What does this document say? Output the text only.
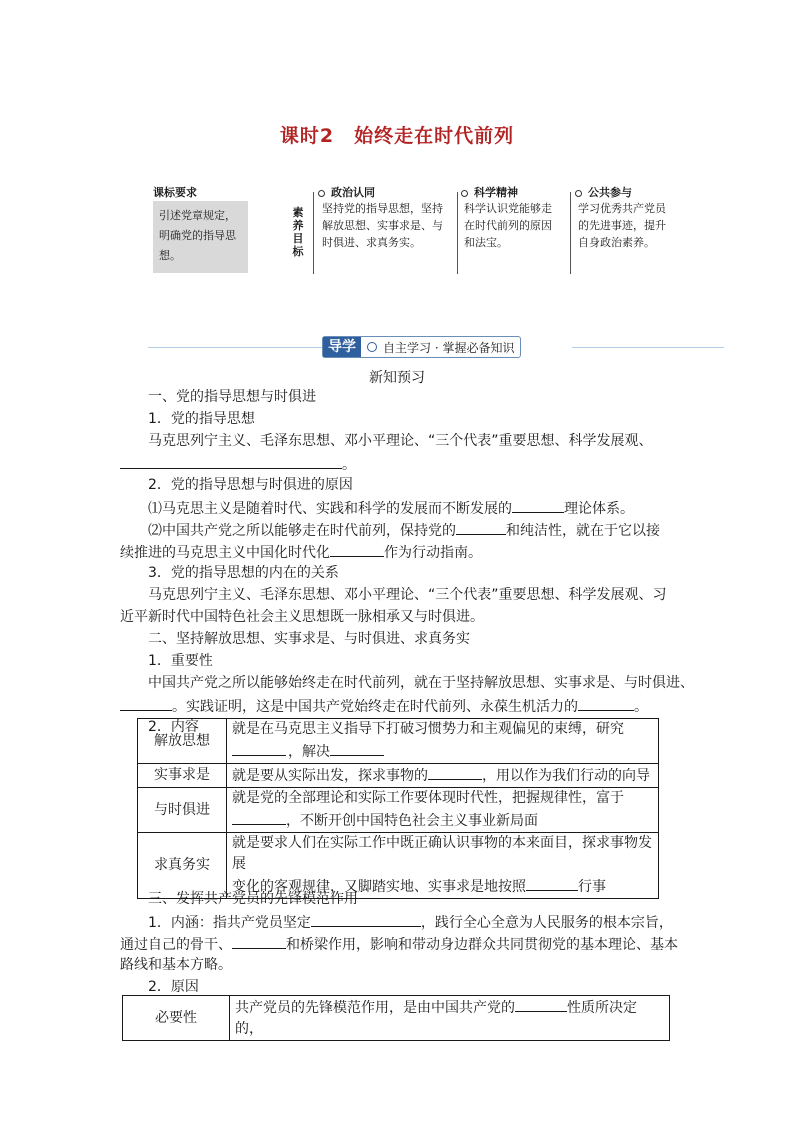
课时2　始终走在时代前列
课标要求
引述党章规定，明确党的指导思想。
素养目标
政治认同
坚持党的指导思想，坚持
解放思想、实事求是、与
时俱进、求真务实。
科学精神
科学认识党能够走
在时代前列的原因
和法宝。
公共参与
学习优秀共产党员
的先进事迹，提升
自身政治素养。
导学	自主学习 · 掌握必备知识
新知预习
一、党的指导思想与时俱进
1．党的指导思想
马克思列宁主义、毛泽东思想、邓小平理论、“三个代表”重要思想、科学发展观、
。
2．党的指导思想与时俱进的原因
⑴马克思主义是随着时代、实践和科学的发展而不断发展的	理论体系。
⑵中国共产党之所以能够走在时代前列，保持党的	和纯洁性，就在于它以接
续推进的马克思主义中国化时代化	作为行动指南。
3．党的指导思想的内在的关系
马克思列宁主义、毛泽东思想、邓小平理论、“三个代表”重要思想、科学发展观、习
近平新时代中国特色社会主义思想既一脉相承又与时俱进。
二、坚持解放思想、实事求是、与时俱进、求真务实
1．重要性
中国共产党之所以能够始终走在时代前列，就在于坚持解放思想、实事求是、与时俱进、
。实践证明，这是中国共产党始终走在时代前列、永葆生机活力的	。
2．内容
解放思想	就是在马克思主义指导下打破习惯势力和主观偏见的束缚，研究
，解决

实事求是	就是要从实际出发，探求事物的 ，用以作为我们行动的向导
与时俱进	就是党的全部理论和实际工作要体现时代性，把握规律性，富于
，不断开创中国特色社会主义事业新局面

求真务实	就是要求人们在实际工作中既正确认识事物的本来面目，探求事物发展
变化的客观规律，又脚踏实地、实事求是地按照 行事
三、发挥共产党员的先锋模范作用
1．内涵：指共产党员坚定	，践行全心全意为人民服务的根本宗旨，
通过自己的骨干、	和桥梁作用，影响和带动身边群众共同贯彻党的基本理论、基本
路线和基本方略。
2．原因
必要性	共产党员的先锋模范作用，是由中国共产党的	性质所决定的，
